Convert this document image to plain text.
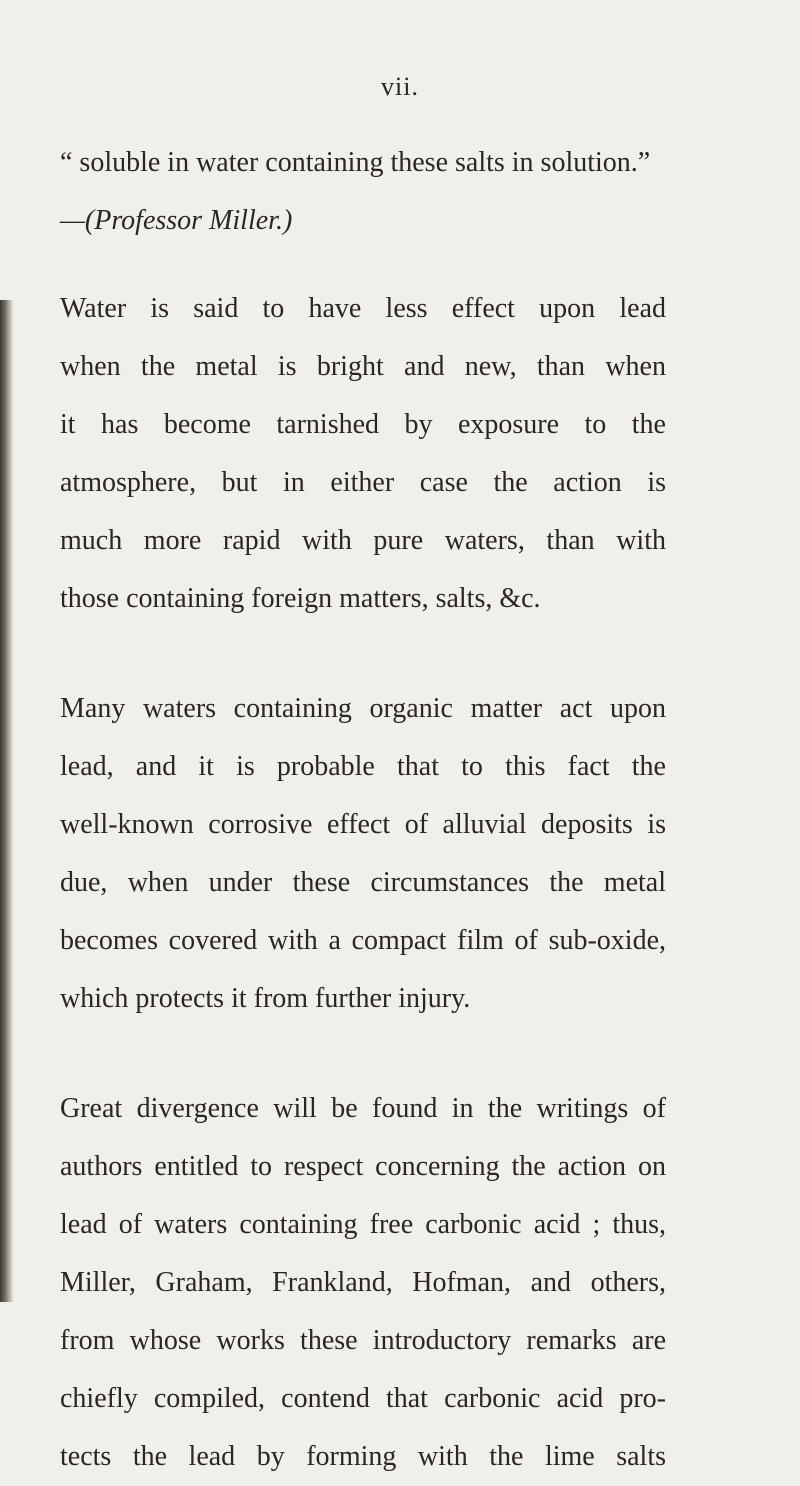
vii.
“ soluble in water containing these salts in solution.”
—(Professor Miller.)
Water is said to have less effect upon lead
when the metal is bright and new, than when
it has become tarnished by exposure to the
atmosphere, but in either case the action is
much more rapid with pure waters, than with
those containing foreign matters, salts, &c.
Many waters containing organic matter act upon
lead, and it is probable that to this fact the
well-known corrosive effect of alluvial deposits is
due, when under these circumstances the metal
becomes covered with a compact film of sub-oxide,
which protects it from further injury.
Great divergence will be found in the writings of
authors entitled to respect concerning the action on
lead of waters containing free carbonic acid ; thus,
Miller, Graham, Frankland, Hofman, and others,
from whose works these introductory remarks are
chiefly compiled, contend that carbonic acid pro-
tects the lead by forming with the lime salts
